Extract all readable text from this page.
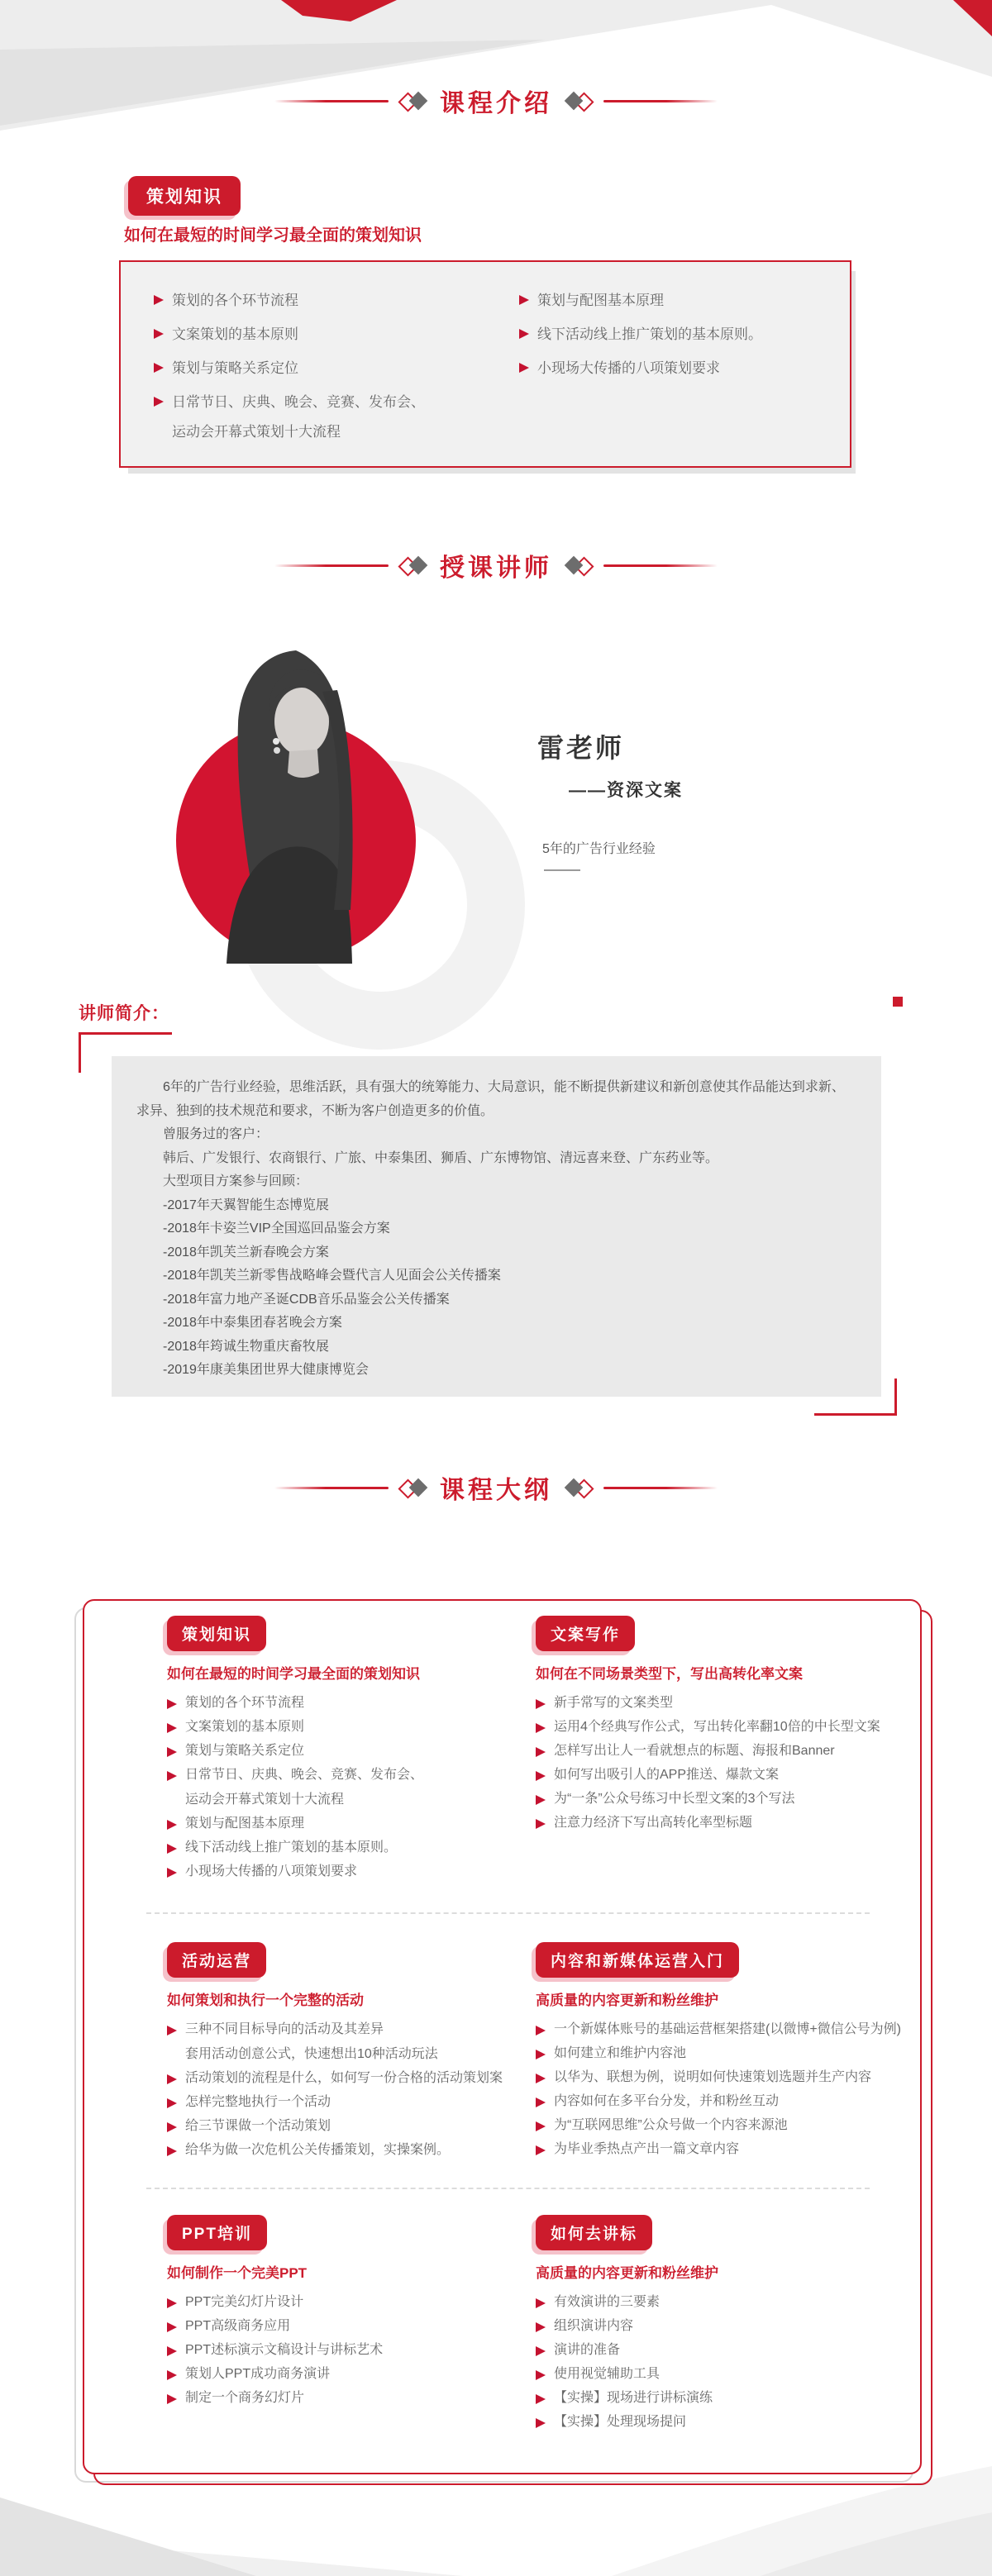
课程介绍
策划知识
如何在最短的时间学习最全面的策划知识
策划的各个环节流程
文案策划的基本原则
策划与策略关系定位
日常节日、庆典、晚会、竞赛、发布会、
运动会开幕式策划十大流程
策划与配图基本原理
线下活动线上推广策划的基本原则。
小现场大传播的八项策划要求
授课讲师
雷老师
——资深文案
5年的广告行业经验
讲师简介：

6年的广告行业经验，思维活跃，具有强大的统筹能力、大局意识，能不断提供新建议和新创意使其作品能达到求新、求异、独到的技术规范和要求，不断为客户创造更多的价值。

曾服务过的客户：

韩后、广发银行、农商银行、广旅、中泰集团、狮盾、广东博物馆、清远喜来登、广东药业等。

大型项目方案参与回顾：

-2017年天翼智能生态博览展

-2018年卡姿兰VIP全国巡回品鉴会方案

-2018年凯芙兰新春晚会方案

-2018年凯芙兰新零售战略峰会暨代言人见面会公关传播案

-2018年富力地产圣诞CDB音乐品鉴会公关传播案

-2018年中泰集团春茗晚会方案

-2018年筠诚生物重庆畜牧展

-2019年康美集团世界大健康博览会

课程大纲
策划知识
如何在最短的时间学习最全面的策划知识
策划的各个环节流程
文案策划的基本原则
策划与策略关系定位
日常节日、庆典、晚会、竞赛、发布会、
运动会开幕式策划十大流程
策划与配图基本原理
线下活动线上推广策划的基本原则。
小现场大传播的八项策划要求
文案写作
如何在不同场景类型下，写出高转化率文案
新手常写的文案类型
运用4个经典写作公式，写出转化率翻10倍的中长型文案
怎样写出让人一看就想点的标题、海报和Banner
如何写出吸引人的APP推送、爆款文案
为“一条”公众号练习中长型文案的3个写法
注意力经济下写出高转化率型标题
活动运营
如何策划和执行一个完整的活动
三种不同目标导向的活动及其差异
套用活动创意公式，快速想出10种活动玩法
活动策划的流程是什么，如何写一份合格的活动策划案
怎样完整地执行一个活动
给三节课做一个活动策划
给华为做一次危机公关传播策划，实操案例。
内容和新媒体运营入门
高质量的内容更新和粉丝维护
一个新媒体账号的基础运营框架搭建(以微博+微信公号为例)
如何建立和维护内容池
以华为、联想为例，说明如何快速策划选题并生产内容
内容如何在多平台分发，并和粉丝互动
为“互联网思维”公众号做一个内容来源池
为毕业季热点产出一篇文章内容
PPT培训
如何制作一个完美PPT
PPT完美幻灯片设计
PPT高级商务应用
PPT述标演示文稿设计与讲标艺术
策划人PPT成功商务演讲
制定一个商务幻灯片
如何去讲标
高质量的内容更新和粉丝维护
有效演讲的三要素
组织演讲内容
演讲的准备
使用视觉辅助工具
【实操】现场进行讲标演练
【实操】处理现场提问
